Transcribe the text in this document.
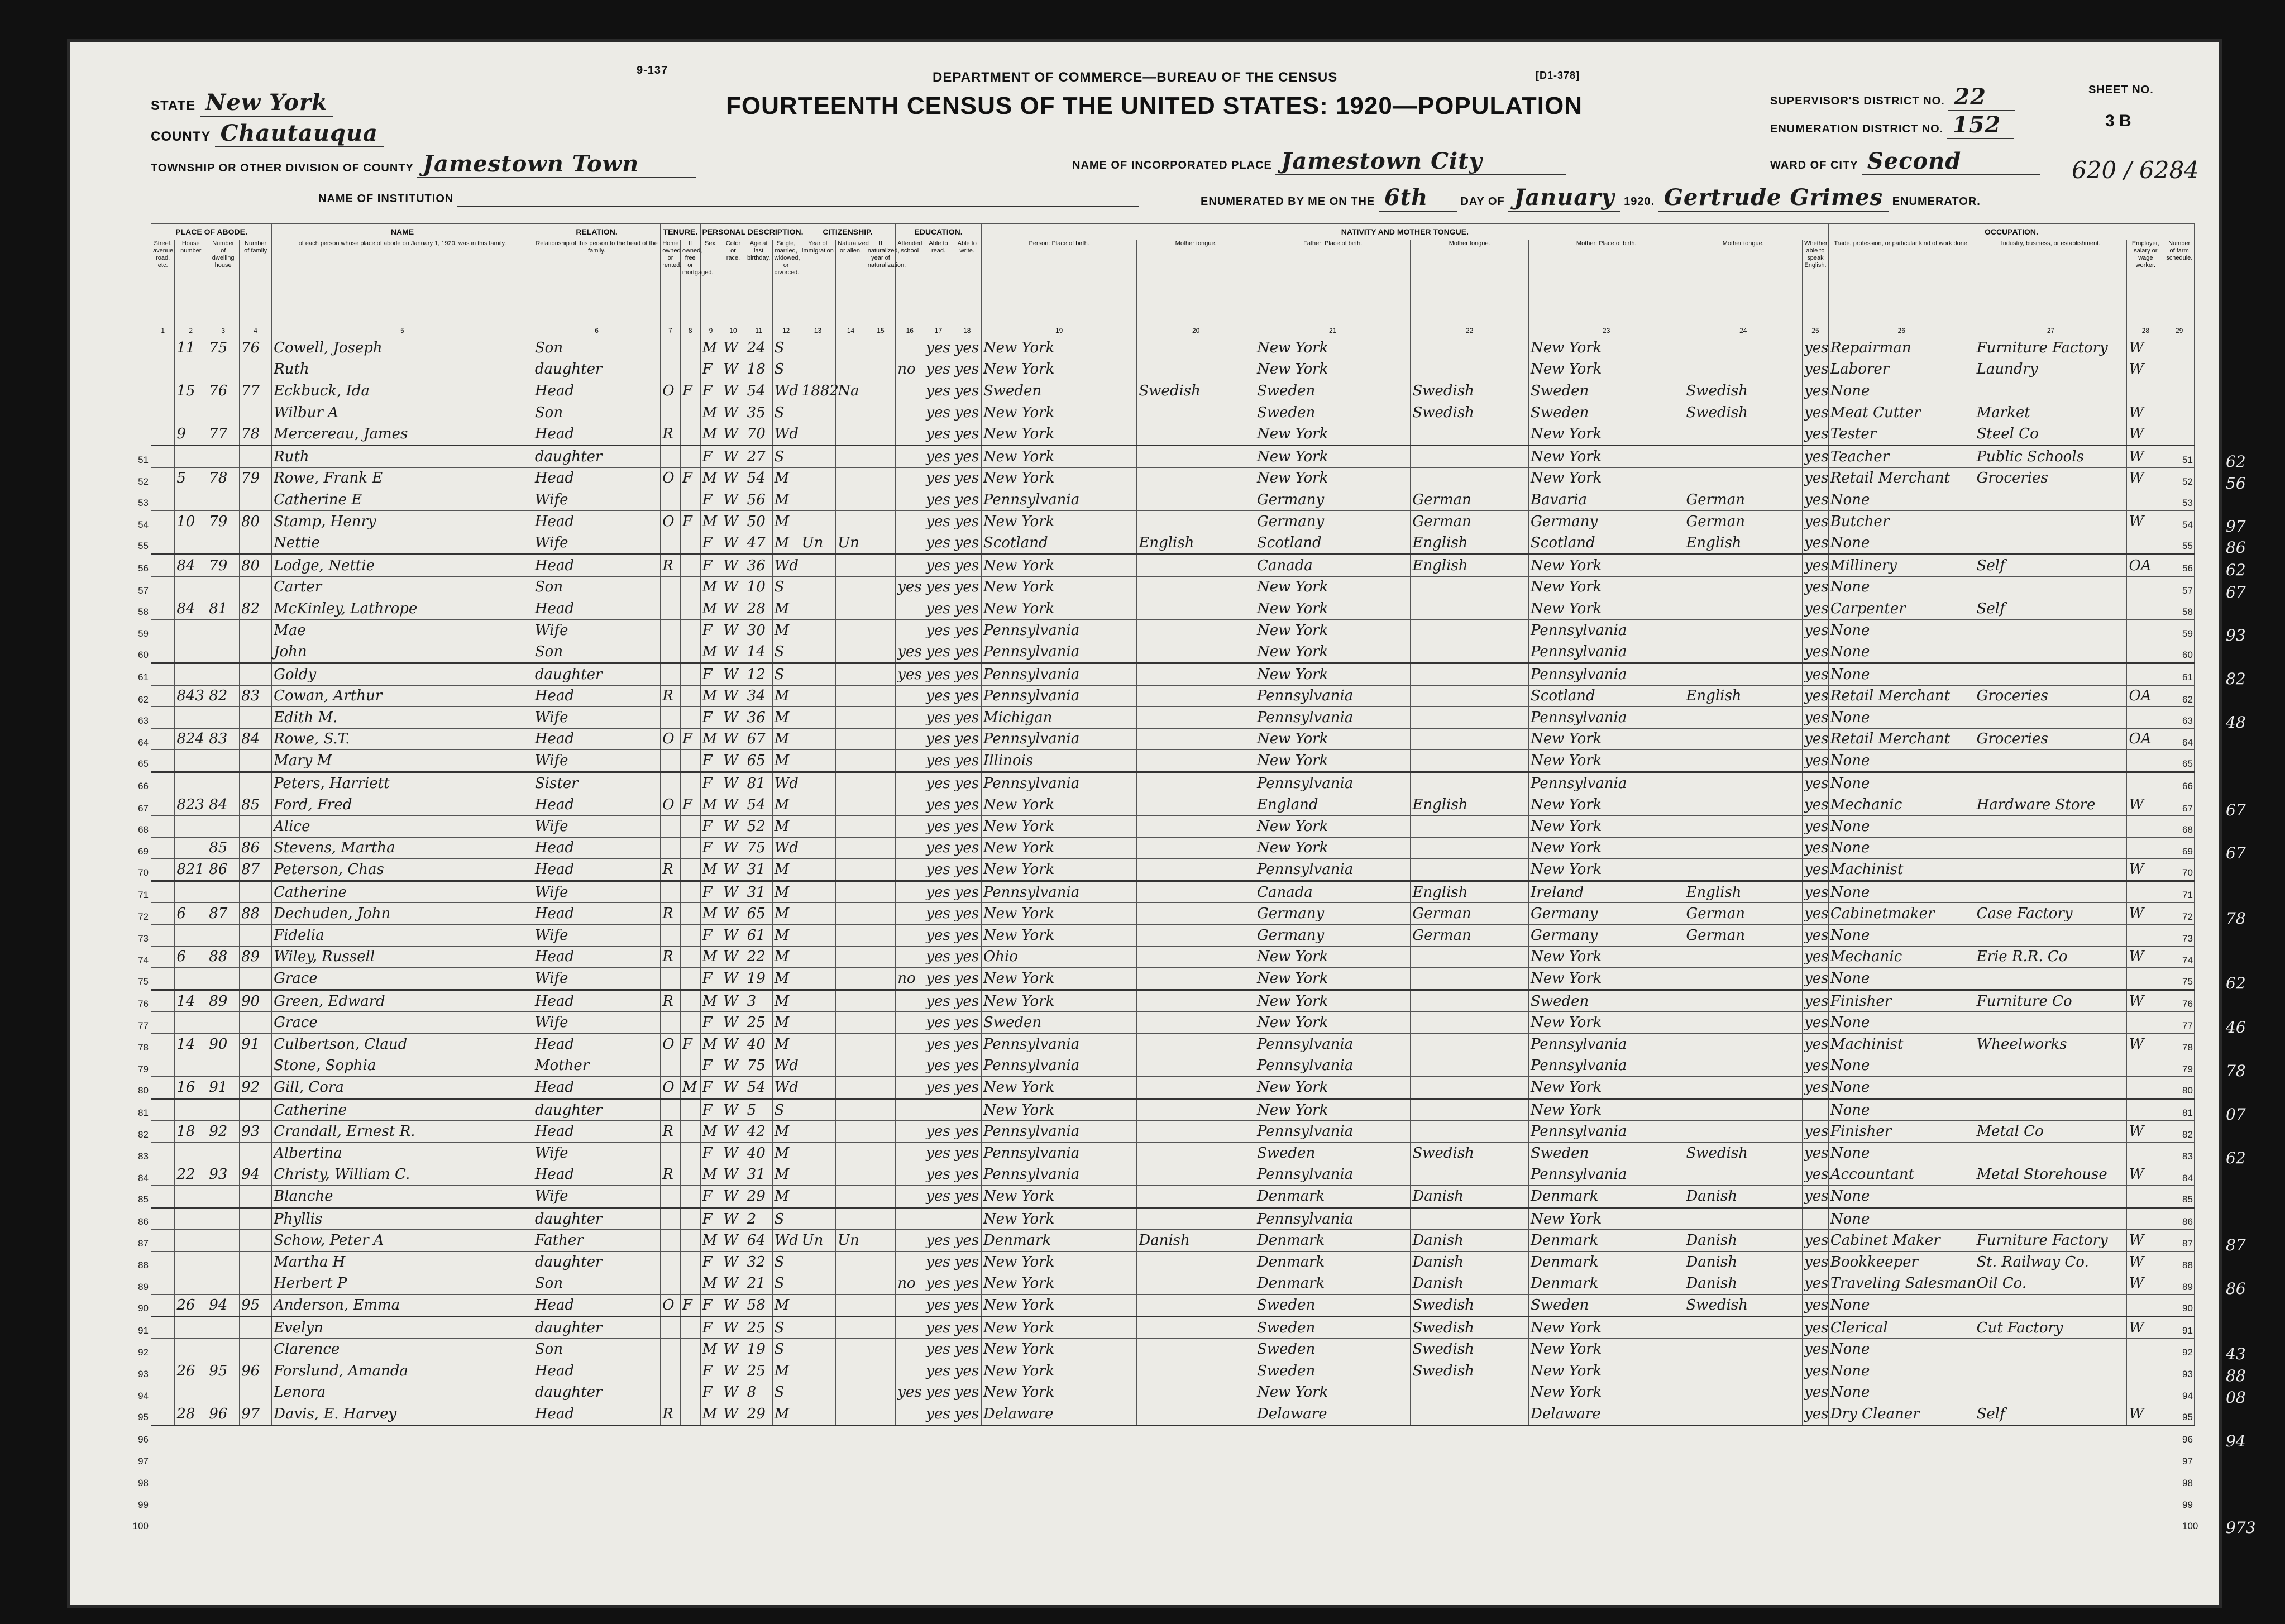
STATE New York
COUNTY Chautauqua
TOWNSHIP OR OTHER DIVISION OF COUNTY Jamestown Town
NAME OF INSTITUTION
9-137	DEPARTMENT OF COMMERCE—BUREAU OF THE CENSUS	[D1-378]
FOURTEENTH CENSUS OF THE UNITED STATES: 1920—POPULATION
NAME OF INCORPORATED PLACE Jamestown City
ENUMERATED BY ME ON THE 6th	DAY OF January 1920. Gertrude Grimes ENUMERATOR.
SUPERVISOR'S DISTRICT NO. 22
ENUMERATION DISTRICT NO. 152
WARD OF CITY Second
SHEET NO.
3 B
620 / 6284
PLACE OF ABODE.				NAME	RELATION.	TENURE.		PERSONAL DESCRIPTION.				CITIZENSHIP.			EDUCATION.			NATIVITY AND MOTHER TONGUE.							OCCUPATION.			
Street, avenue, road, etc.	House number	Number of dwelling house	Number of family	of each person whose place of abode on January 1, 1920, was in this family.	Relationship of this person to the head of the family.	Home owned or rented.	If owned, free or mortgaged.	Sex.	Color or race.	Age at last birthday.	Single, married, widowed, or divorced.	Year of immigration	Naturalized or alien.	If naturalized, year of naturalization.	Attended school	Able to read.	Able to write.	Person: Place of birth.	Mother tongue.	Father: Place of birth.	Mother tongue.	Mother: Place of birth.	Mother tongue.	Whether able to speak English.	Trade, profession, or particular kind of work done.	Industry, business, or establishment.	Employer, salary or wage worker.	Number of farm schedule.
1	2	3	4	5	6	7	8	9	10	11	12	13	14	15	16	17	18	19	20	21	22	23	24	25	26	27	28	29
	11	75	76	Cowell, Joseph	Son			M	W	24	S					yes	yes	New York		New York		New York		yes	Repairman	Furniture Factory	W	
				Ruth	daughter			F	W	18	S				no	yes	yes	New York		New York		New York		yes	Laborer	Laundry	W	
	15	76	77	Eckbuck, Ida	Head	O	F	F	W	54	Wd	1882	Na			yes	yes	Sweden	Swedish	Sweden	Swedish	Sweden	Swedish	yes	None			
				Wilbur A	Son			M	W	35	S					yes	yes	New York		Sweden	Swedish	Sweden	Swedish	yes	Meat Cutter	Market	W	
	9	77	78	Mercereau, James	Head	R		M	W	70	Wd					yes	yes	New York		New York		New York		yes	Tester	Steel Co	W	
				Ruth	daughter			F	W	27	S					yes	yes	New York		New York		New York		yes	Teacher	Public Schools	W	
	5	78	79	Rowe, Frank E	Head	O	F	M	W	54	M					yes	yes	New York		New York		New York		yes	Retail Merchant	Groceries	W	
				Catherine E	Wife			F	W	56	M					yes	yes	Pennsylvania		Germany	German	Bavaria	German	yes	None			
	10	79	80	Stamp, Henry	Head	O	F	M	W	50	M					yes	yes	New York		Germany	German	Germany	German	yes	Butcher		W	
				Nettie	Wife			F	W	47	M	Un	Un			yes	yes	Scotland	English	Scotland	English	Scotland	English	yes	None			
	84	79	80	Lodge, Nettie	Head	R		F	W	36	Wd					yes	yes	New York		Canada	English	New York		yes	Millinery	Self	OA	
				Carter	Son			M	W	10	S				yes	yes	yes	New York		New York		New York		yes	None			
	84	81	82	McKinley, Lathrope	Head			M	W	28	M					yes	yes	New York		New York		New York		yes	Carpenter	Self		
				Mae	Wife			F	W	30	M					yes	yes	Pennsylvania		New York		Pennsylvania		yes	None			
				John	Son			M	W	14	S				yes	yes	yes	Pennsylvania		New York		Pennsylvania		yes	None			
				Goldy	daughter			F	W	12	S				yes	yes	yes	Pennsylvania		New York		Pennsylvania		yes	None			
	843	82	83	Cowan, Arthur	Head	R		M	W	34	M					yes	yes	Pennsylvania		Pennsylvania		Scotland	English	yes	Retail Merchant	Groceries	OA	
				Edith M.	Wife			F	W	36	M					yes	yes	Michigan		Pennsylvania		Pennsylvania		yes	None			
	824	83	84	Rowe, S.T.	Head	O	F	M	W	67	M					yes	yes	Pennsylvania		New York		New York		yes	Retail Merchant	Groceries	OA	
				Mary M	Wife			F	W	65	M					yes	yes	Illinois		New York		New York		yes	None			
				Peters, Harriett	Sister			F	W	81	Wd					yes	yes	Pennsylvania		Pennsylvania		Pennsylvania		yes	None			
	823	84	85	Ford, Fred	Head	O	F	M	W	54	M					yes	yes	New York		England	English	New York		yes	Mechanic	Hardware Store	W	
				Alice	Wife			F	W	52	M					yes	yes	New York		New York		New York		yes	None			
		85	86	Stevens, Martha	Head			F	W	75	Wd					yes	yes	New York		New York		New York		yes	None			
	821	86	87	Peterson, Chas	Head	R		M	W	31	M					yes	yes	New York		Pennsylvania		New York		yes	Machinist		W	
				Catherine	Wife			F	W	31	M					yes	yes	Pennsylvania		Canada	English	Ireland	English	yes	None			
	6	87	88	Dechuden, John	Head	R		M	W	65	M					yes	yes	New York		Germany	German	Germany	German	yes	Cabinetmaker	Case Factory	W	
				Fidelia	Wife			F	W	61	M					yes	yes	New York		Germany	German	Germany	German	yes	None			
	6	88	89	Wiley, Russell	Head	R		M	W	22	M					yes	yes	Ohio		New York		New York		yes	Mechanic	Erie R.R. Co	W	
				Grace	Wife			F	W	19	M				no	yes	yes	New York		New York		New York		yes	None			
	14	89	90	Green, Edward	Head	R		M	W	3	M					yes	yes	New York		New York		Sweden		yes	Finisher	Furniture Co	W	
				Grace	Wife			F	W	25	M					yes	yes	Sweden		New York		New York		yes	None			
	14	90	91	Culbertson, Claud	Head	O	F	M	W	40	M					yes	yes	Pennsylvania		Pennsylvania		Pennsylvania		yes	Machinist	Wheelworks	W	
				Stone, Sophia	Mother			F	W	75	Wd					yes	yes	Pennsylvania		Pennsylvania		Pennsylvania		yes	None			
	16	91	92	Gill, Cora	Head	O	M	F	W	54	Wd					yes	yes	New York		New York		New York		yes	None			
				Catherine	daughter			F	W	5	S							New York		New York		New York			None			
	18	92	93	Crandall, Ernest R.	Head	R		M	W	42	M					yes	yes	Pennsylvania		Pennsylvania		Pennsylvania		yes	Finisher	Metal Co	W	
				Albertina	Wife			F	W	40	M					yes	yes	Pennsylvania		Sweden	Swedish	Sweden	Swedish	yes	None			
	22	93	94	Christy, William C.	Head	R		M	W	31	M					yes	yes	Pennsylvania		Pennsylvania		Pennsylvania		yes	Accountant	Metal Storehouse	W	
				Blanche	Wife			F	W	29	M					yes	yes	New York		Denmark	Danish	Denmark	Danish	yes	None			
				Phyllis	daughter			F	W	2	S							New York		Pennsylvania		New York			None			
				Schow, Peter A	Father			M	W	64	Wd	Un	Un			yes	yes	Denmark	Danish	Denmark	Danish	Denmark	Danish	yes	Cabinet Maker	Furniture Factory	W	
				Martha H	daughter			F	W	32	S					yes	yes	New York		Denmark	Danish	Denmark	Danish	yes	Bookkeeper	St. Railway Co.	W	
				Herbert P	Son			M	W	21	S				no	yes	yes	New York		Denmark	Danish	Denmark	Danish	yes	Traveling Salesman	Oil Co.	W	
	26	94	95	Anderson, Emma	Head	O	F	F	W	58	M					yes	yes	New York		Sweden	Swedish	Sweden	Swedish	yes	None			
				Evelyn	daughter			F	W	25	S					yes	yes	New York		Sweden	Swedish	New York		yes	Clerical	Cut Factory	W	
				Clarence	Son			M	W	19	S					yes	yes	New York		Sweden	Swedish	New York		yes	None			
	26	95	96	Forslund, Amanda	Head			F	W	25	M					yes	yes	New York		Sweden	Swedish	New York		yes	None			
				Lenora	daughter			F	W	8	S				yes	yes	yes	New York		New York		New York		yes	None			
	28	96	97	Davis, E. Harvey	Head	R		M	W	29	M					yes	yes	Delaware		Delaware		Delaware		yes	Dry Cleaner	Self	W	
51	51	62
52	52	56
53	53
54	54	97
55	55	86
56	56	62
57	57	67
58	58
59	59	93
60	60
61	61	82
62	62
63	63	48
64	64
65	65
66	66
67	67	67
68	68
69	69	67
70	70
71	71
72	72	78
73	73
74	74
75	75	62
76	76
77	77	46
78	78
79	79	78
80	80
81	81	07
82	82
83	83	62
84	84
85	85
86	86
87	87	87
88	88
89	89	86
90	90
91	91
92	92	43
93	93	88
94	94	08
95	95
96	96	94
97	97
98	98
99	99
100	100	973
